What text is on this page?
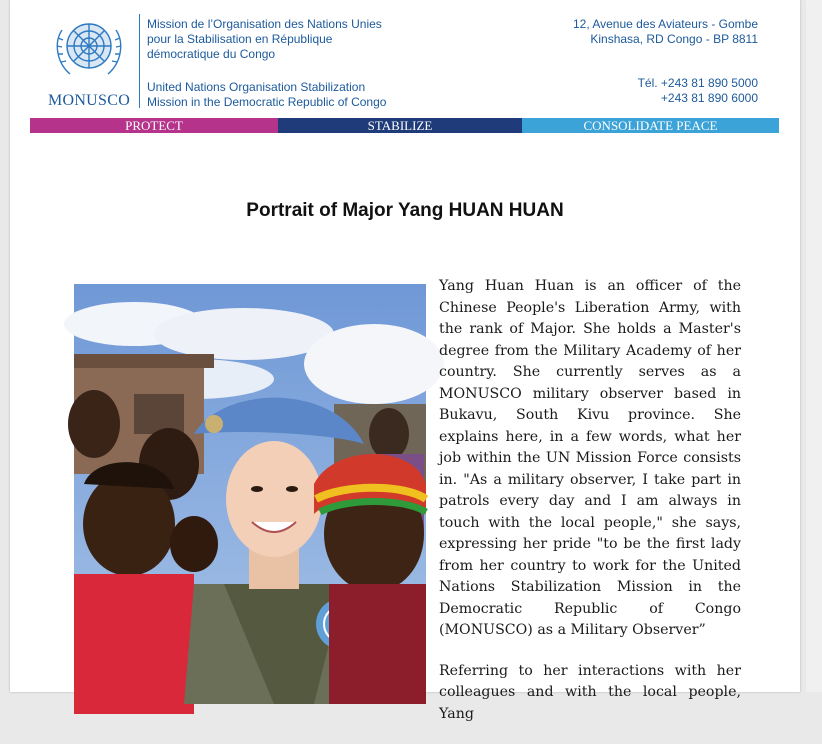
MONUSCO
Mission de l’Organisation des Nations Unies
pour la Stabilisation en République
démocratique du Congo
United Nations Organisation Stabilization
Mission in the Democratic Republic of Congo
12, Avenue des Aviateurs - Gombe
Kinshasa, RD Congo - BP 8811
Tél. +243 81 890 5000
+243 81 890 6000
PROTECT	STABILIZE	CONSOLIDATE PEACE
Portrait of Major Yang HUAN HUAN

Yang Huan Huan is an officer of the Chinese People's Liberation Army, with the rank of Major. She holds a Master's degree from the Military Academy of her country. She currently serves as a MONUSCO military observer based in Bukavu, South Kivu province. She explains here, in a few words, what her job within the UN Mission Force consists in. "As a military observer, I take part in patrols every day and I am always in touch with the local people," she says, expressing her pride "to be the first lady from her country to work for the United Nations Stabilization Mission in the Democratic Republic of Congo (MONUSCO) as a Military Observer”

Referring to her interactions with her colleagues and with the local people, Yang
